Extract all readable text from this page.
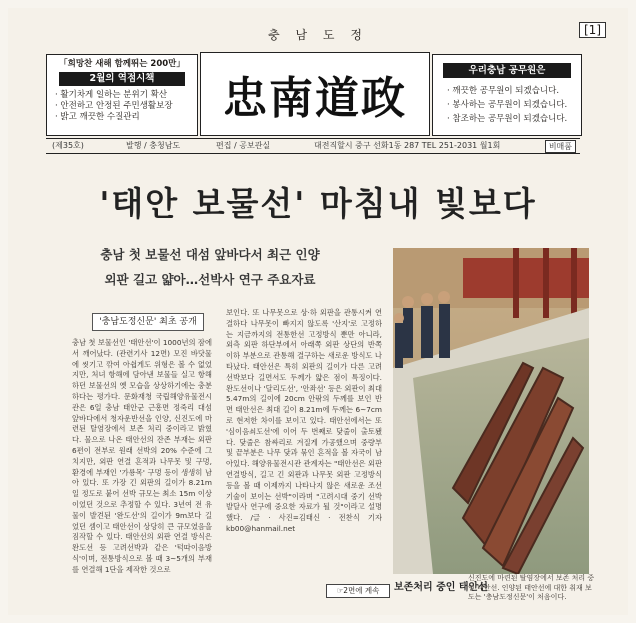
충 남 도 정	[1]
「희망찬 새해 함께뛰는 200만」
2월의 역점시책
· 활기차게 일하는 분위기 확산
· 안전하고 안정된 주민생활보장
· 밝고 깨끗한 수질관리	忠南道政
우리충남 공무원은
· 깨끗한 공무원이 되겠습니다.
· 봉사하는 공무원이 되겠습니다.
· 참조하는 공무원이 되겠습니다.
(제35호)	발행 / 충청남도	편집 / 공보관실	대전직할시 중구 선화1동 287 TEL 251-2031 월1회	비매품
'태안 보물선' 마침내 빛보다
충남 첫 보물선 대섬 앞바다서 최근 인양
외판 길고 얇아…선박사 연구 주요자료
'충남도정신문' 최초 공개

충남 첫 보물선인 '태안선'이 1000년의 잠에서 깨어났다. (관련기사 12면) 모진 바닷물에 씻기고 깎여 아쉽게도 위형은 볼 수 없었지만, 처녀 항해에 담아낸 보물들 실고 항해하던 보물선의 옛 모습을 상상하기에는 충분하다는 평가다. 문화재청 국립해양유물전시관은 6일 충남 태안군 근흥면 정죽리 대섬 앞바다에서 청자운반선을 인양, 신진도에 마련된 탈염장에서 보존 처리 중이라고 밝혔다. 물으로 나온 태안선의 잔존 부재는 외판 6편이 전부로 원래 선박의 20% 수준에 그치지만, 외판 연결 흔적과 나무못 및 구멍, 환경에 부재인 '가룡목' 구멍 등이 생생히 남아 있다. 또 가장 긴 외판의 길이가 8.21m일 정도로 붙어 선박 규모는 최소 15m 이상이었던 것으로 추정할 수 있다. 3년여 전 유물이 발견된 '완도선'의 길이가 9m보다 길었던 셈이고 태안선이 상당히 큰 규모였음을 짐작할 수 있다. 태안선의 외판 연결 방식은 완도선 등 고려선박과 같은 '턱따이음방식'이며, 전통방식으로 볼 때 3~5개의 부재를 연결해 1단을 제작한 것으로

보인다. 또 나무못으로 상·하 외판을 관통시켜 연결하다 나무못이 빠지지 않도록 '산지'로 고정하는 지금까지의 전통한선 고정방식 뿐만 아니라, 외측 외판 하단부에서 아래쪽 외판 상단의 반쪽 이하 부분으로 관통해 결구하는 새로운 방식도 나타났다. 태안선은 특히 외판의 길이가 다른 고려선박보다 길면서도 두께가 얇은 점이 특징이다. 완도선이나 '달리도선', '안좌선' 등은 외판이 최대 5.47m의 길이에 20cm 안팎의 두께를 보인 반면 태안선은 최대 길이 8.21m에 두께는 6~7cm로 현저한 차이를 보이고 있다. 태안선에서는 또 '심이음쇠도선'에 이어 두 번째로 닻줄이 출토됐다. 닻줄은 참싸리로 겨질게 가공했으며 중량부 및 끝부분은 나무 닻과 묶인 흔적을 볼 자국이 남아있다. 해양유물전시관 관계자는 "태안선은 외판 연결방식, 길고 긴 외판과 나무못 외판 고정방식 등을 볼 때 이제까지 나타나지 않은 새로운 조선기술이 보이는 선박"이라며 "고려시대 중기 선박발달사 연구에 중요한 자료가 될 것"이라고 설명했다. /글 · 사진=김태신 · 전찬식 기자 kb00@hanmail.net

☞2면에 계속	보존처리 중인 태안선
신진도에 마련된 탈염장에서 보존 처리 중인 태안선. 인양된 태안선에 대한 취재 보도는 '충남도정신문'이 처음이다.
